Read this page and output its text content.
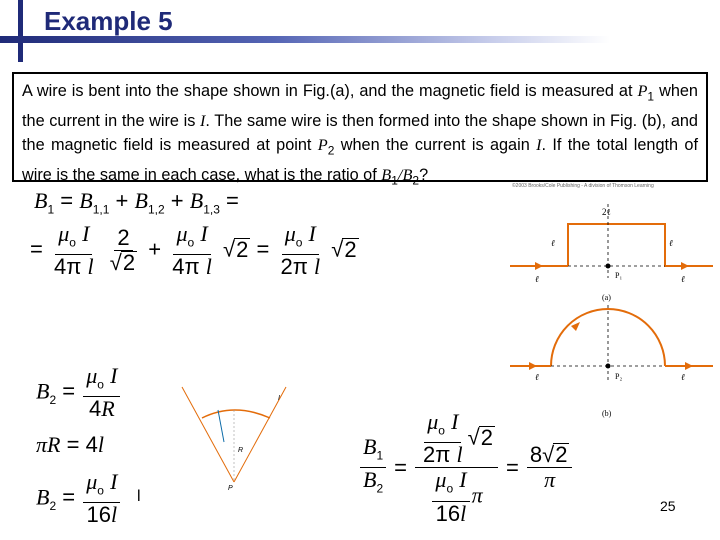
Example 5
A wire is bent into the shape shown in Fig.(a), and the magnetic field is measured at $P_1$ when the current in the wire is I. The same wire is then formed into the shape shown in Fig. (b), and the magnetic field is measured at point $P_2$ when the current is again I. If the total length of wire is the same in each case, what is the ratio of $B_1/B_2$?
©2003 Brooks/Cole Publishing - A division of Thomson Learning
2ℓ
ℓ	ℓ
ℓ	ℓ
P₁
(a)
ℓ	ℓ
P₂
(b)
I
R
P
$B_1 = B_{1,1} + B_{1,2} + B_{1,3}$ =
= $\frac{\mu_o I}{\text{4π l}}$
$\frac{2}{√2} + \frac{\mu_o I}{\text{4π l}} √2 = \frac{\mu_o I}{\text{2π l}} √2$
$B_2 = \frac{\mu_o I}{4R}$
πR = 4l
$B_2 = \frac{\mu_o I}{16l}$ l	$\frac{B_1}{B_2} = \frac{\frac{\mu_o I}{\text{2π l}} √2}{\frac{\mu_o I}{16l} \pi} = \frac{8√2}{\pi}$
25
